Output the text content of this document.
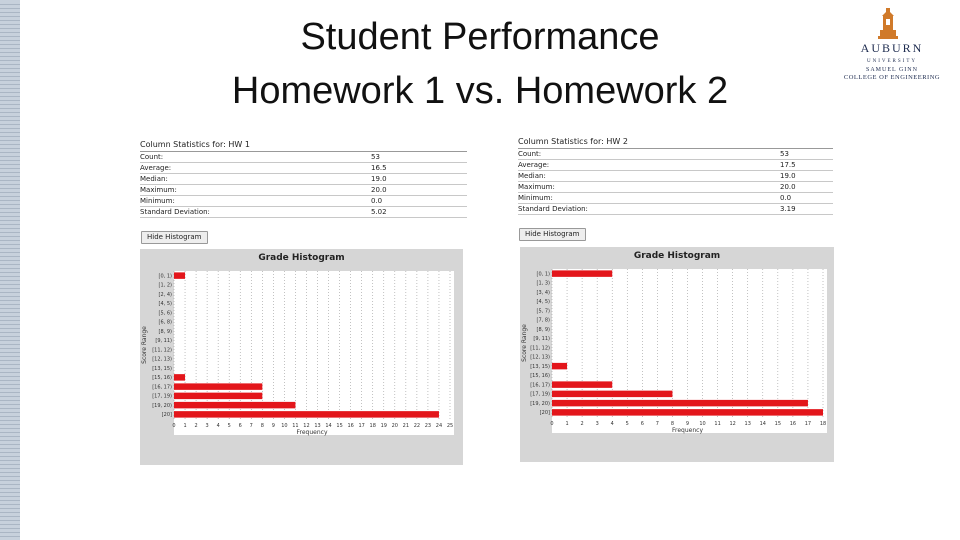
Student Performance
Homework 1 vs. Homework 2
AUBURN
UNIVERSITY
SAMUEL GINN
COLLEGE OF ENGINEERING
Column Statistics for: HW 1
Count:	53
Average:	16.5
Median:	19.0
Maximum:	20.0
Minimum:	0.0
Standard Deviation:	5.02
Hide Histogram
Grade Histogram
0 1 2 3 4 5 6 7 8 9 10 11 12 13 14 15 16 17 18 19 20 21 22 23 24 25
Frequency
[0, 1)
[1, 2)
[2, 4)
[4, 5)
[5, 6)
[6, 8)
[8, 9)
[9, 11)
[11, 12)
[12, 13)
[13, 15)
[15, 16)
[16, 17)
[17, 19)
[19, 20)
[20]
Score Range
Column Statistics for: HW 2
Count:	53
Average:	17.5
Median:	19.0
Maximum:	20.0
Minimum:	0.0
Standard Deviation:	3.19
Hide Histogram
Grade Histogram
0 1 2 3 4 5 6 7 8 9 10 11 12 13 14 15 16 17 18
Frequency
[0, 1)
[1, 3)
[3, 4)
[4, 5)
[5, 7)
[7, 8)
[8, 9)
[9, 11)
[11, 12)
[12, 13)
[13, 15)
[15, 16)
[16, 17)
[17, 19)
[19, 20)
[20]
Score Range
